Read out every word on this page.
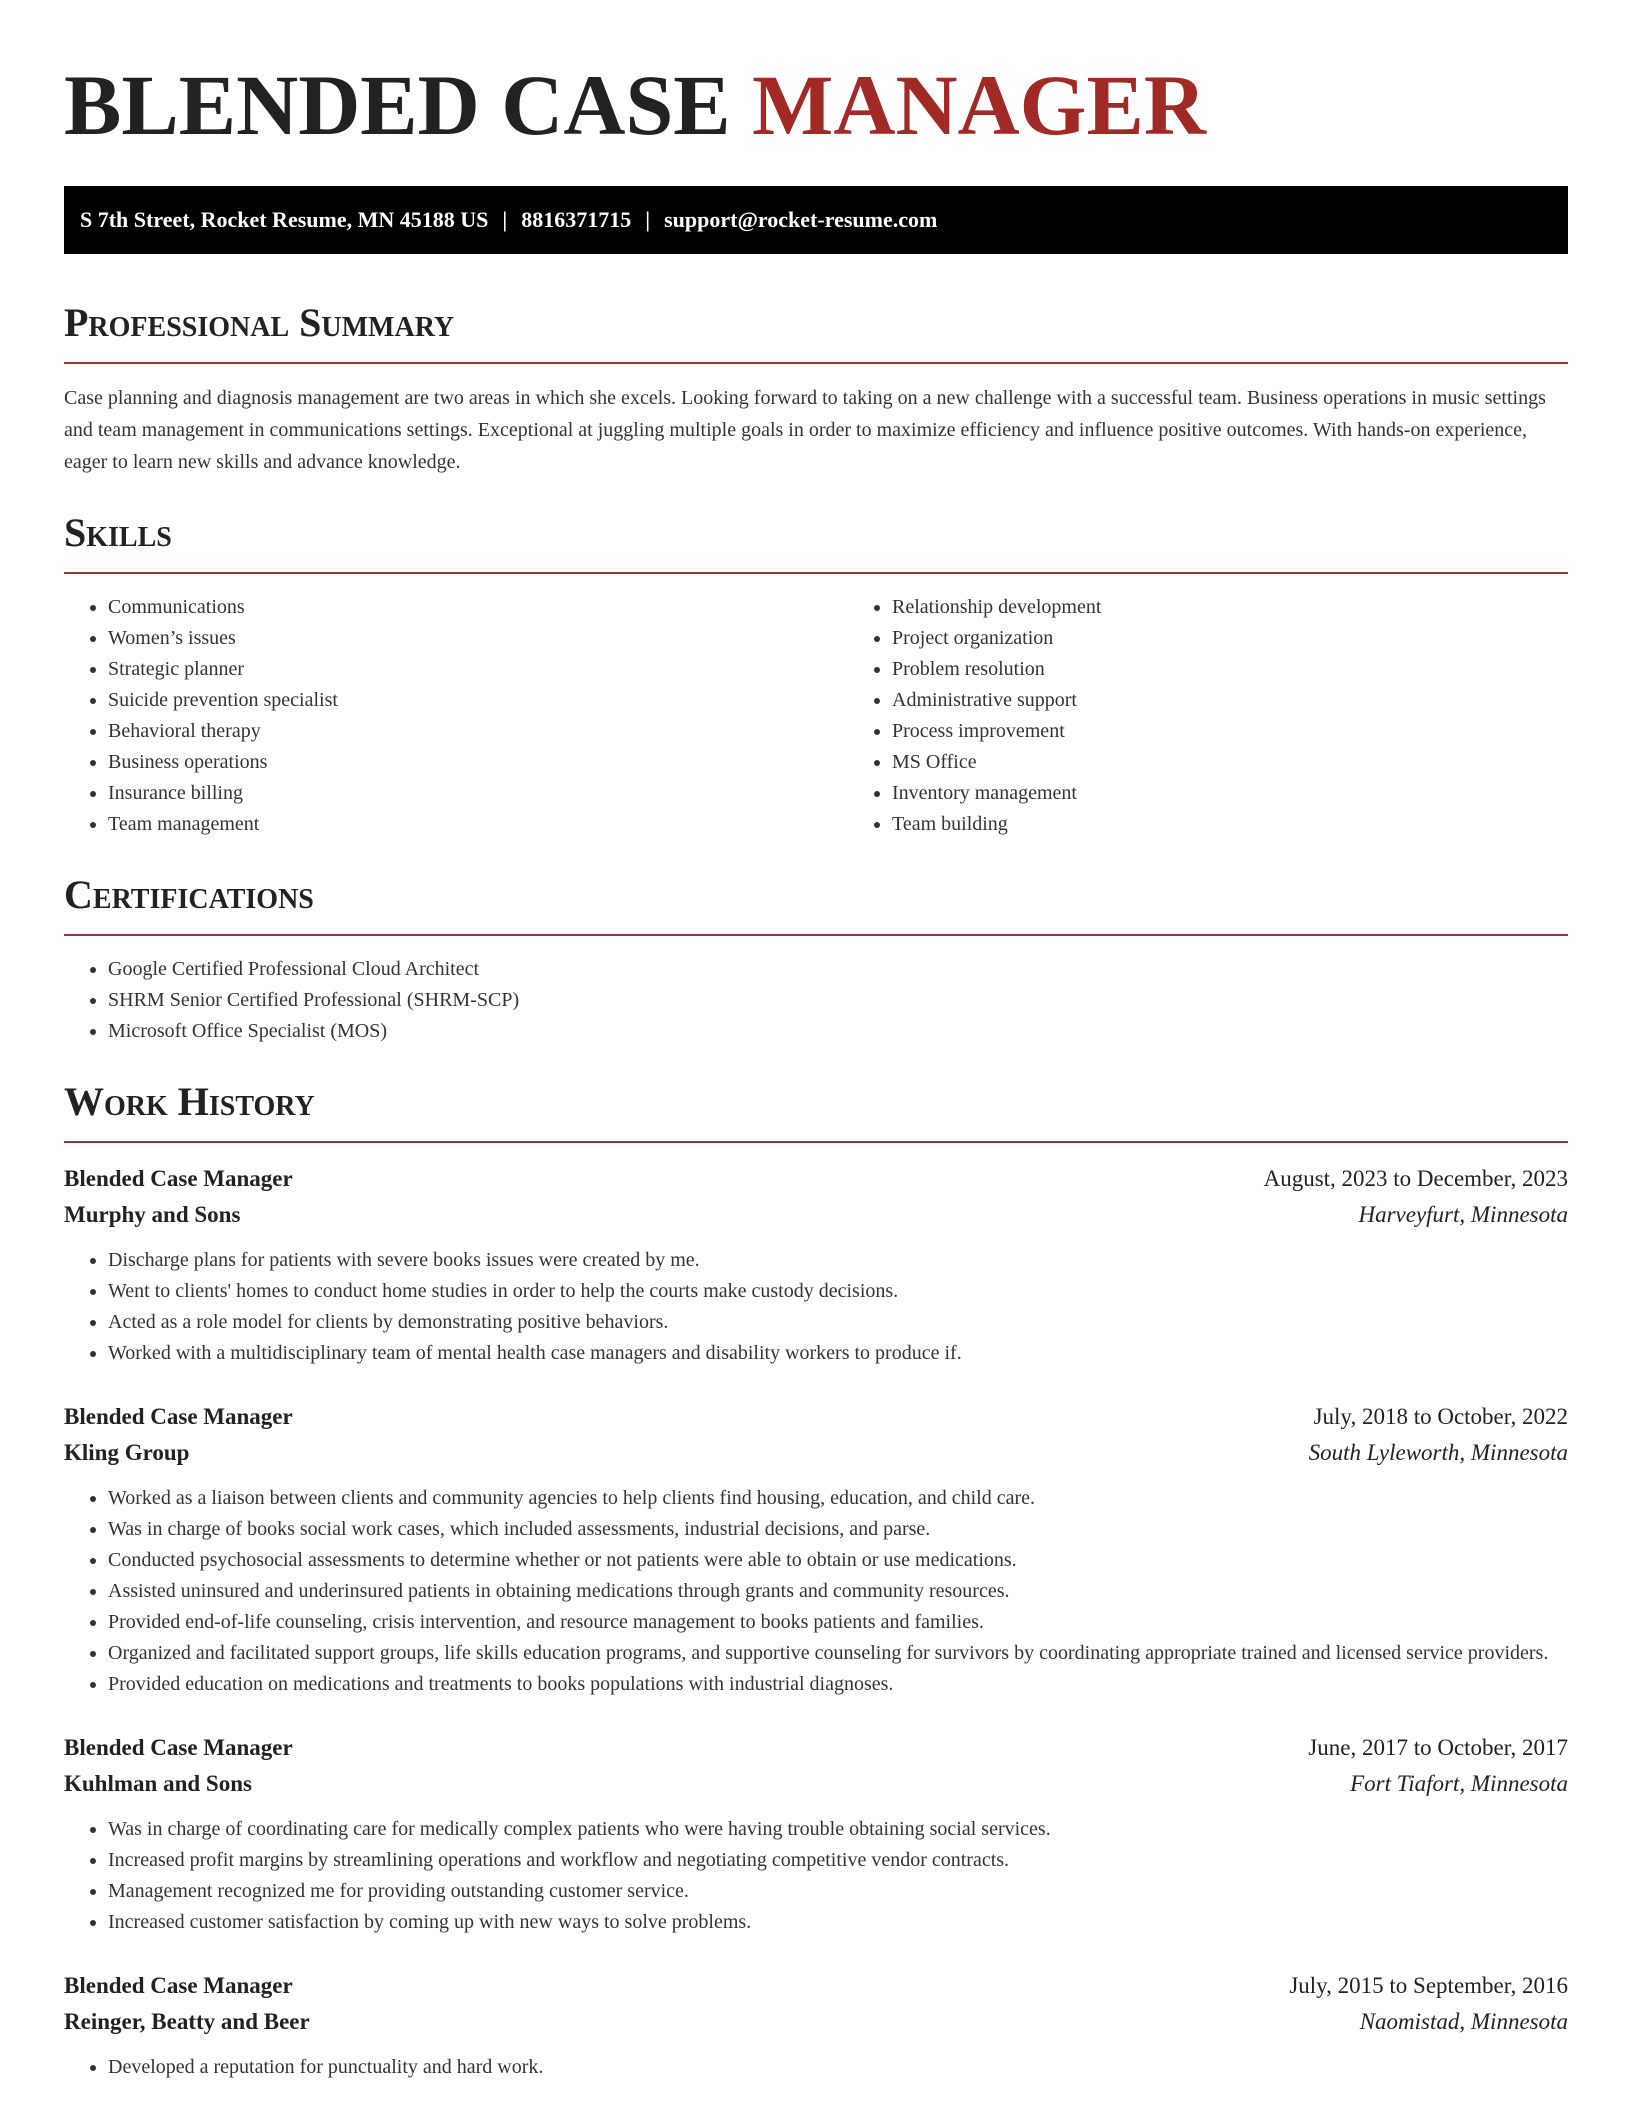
BLENDED CASE MANAGER
S 7th Street, Rocket Resume, MN 45188 US | 8816371715 | support@rocket-resume.com
Professional Summary

Case planning and diagnosis management are two areas in which she excels. Looking forward to taking on a new challenge with a successful team. Business operations in music settings and team management in communications settings. Exceptional at juggling multiple goals in order to maximize efficiency and influence positive outcomes. With hands-on experience, eager to learn new skills and advance knowledge.

Skills
• Communications
• Women’s issues
• Strategic planner
• Suicide prevention specialist
• Behavioral therapy
• Business operations
• Insurance billing
• Team management
• Relationship development
• Project organization
• Problem resolution
• Administrative support
• Process improvement
• MS Office
• Inventory management
• Team building
Certifications
• Google Certified Professional Cloud Architect
• SHRM Senior Certified Professional (SHRM-SCP)
• Microsoft Office Specialist (MOS)
Work History
Blended Case Manager	August, 2023 to December, 2023
Murphy and Sons	Harveyfurt, Minnesota
• Discharge plans for patients with severe books issues were created by me.
• Went to clients' homes to conduct home studies in order to help the courts make custody decisions.
• Acted as a role model for clients by demonstrating positive behaviors.
• Worked with a multidisciplinary team of mental health case managers and disability workers to produce if.
Blended Case Manager	July, 2018 to October, 2022
Kling Group	South Lyleworth, Minnesota
• Worked as a liaison between clients and community agencies to help clients find housing, education, and child care.
• Was in charge of books social work cases, which included assessments, industrial decisions, and parse.
• Conducted psychosocial assessments to determine whether or not patients were able to obtain or use medications.
• Assisted uninsured and underinsured patients in obtaining medications through grants and community resources.
• Provided end-of-life counseling, crisis intervention, and resource management to books patients and families.
• Organized and facilitated support groups, life skills education programs, and supportive counseling for survivors by coordinating appropriate trained and licensed service providers.
• Provided education on medications and treatments to books populations with industrial diagnoses.
Blended Case Manager	June, 2017 to October, 2017
Kuhlman and Sons	Fort Tiafort, Minnesota
• Was in charge of coordinating care for medically complex patients who were having trouble obtaining social services.
• Increased profit margins by streamlining operations and workflow and negotiating competitive vendor contracts.
• Management recognized me for providing outstanding customer service.
• Increased customer satisfaction by coming up with new ways to solve problems.
Blended Case Manager	July, 2015 to September, 2016
Reinger, Beatty and Beer	Naomistad, Minnesota
• Developed a reputation for punctuality and hard work.
